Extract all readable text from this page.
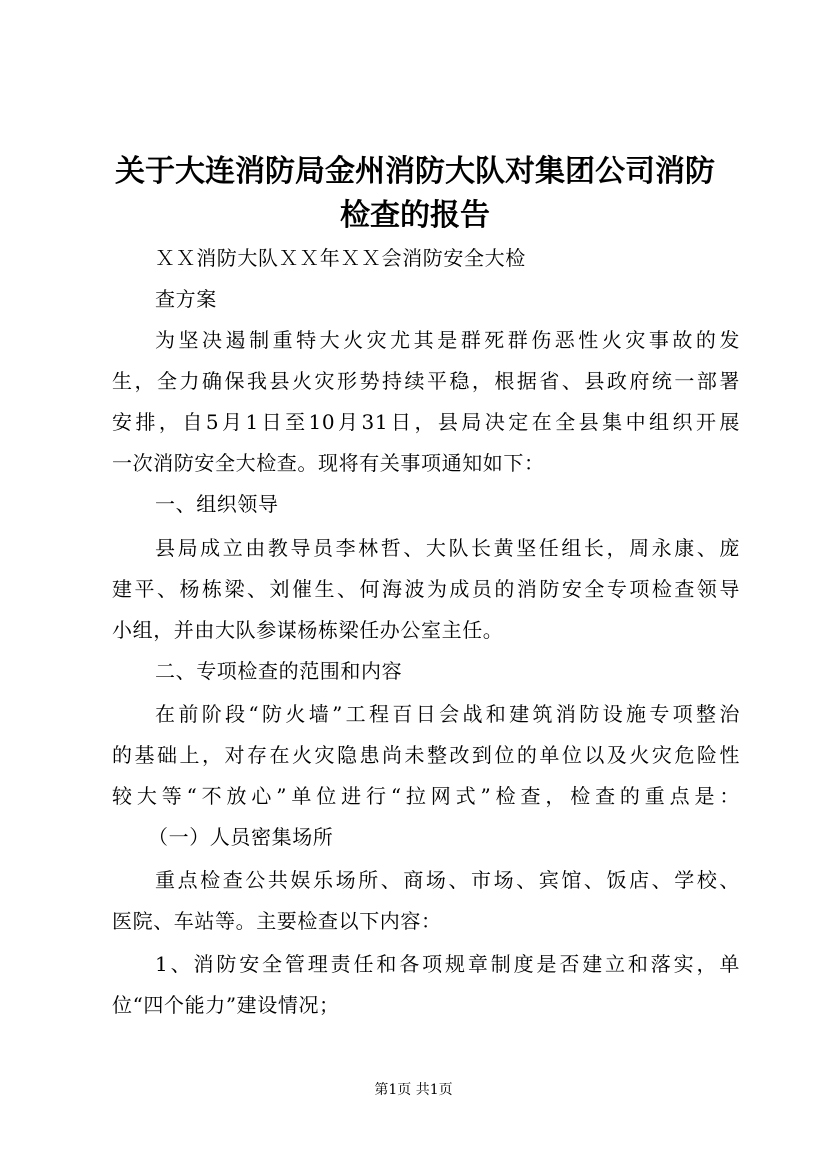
关于大连消防局金州消防大队对集团公司消防
检查的报告
ＸＸ消防大队ＸＸ年ＸＸ会消防安全大检
查方案
为坚决遏制重特大火灾尤其是群死群伤恶性火灾事故的发
生，全力确保我县火灾形势持续平稳，根据省、县政府统一部署
安排，自5月1日至10月31日，县局决定在全县集中组织开展
一次消防安全大检查。现将有关事项通知如下：
一、组织领导
县局成立由教导员李林哲、大队长黄坚任组长，周永康、庞
建平、杨栋梁、刘催生、何海波为成员的消防安全专项检查领导
小组，并由大队参谋杨栋梁任办公室主任。
二、专项检查的范围和内容
在前阶段“防火墙”工程百日会战和建筑消防设施专项整治
的基础上，对存在火灾隐患尚未整改到位的单位以及火灾危险性
较大等“不放心”单位进行“拉网式”检查，检查的重点是：
（一）人员密集场所
重点检查公共娱乐场所、商场、市场、宾馆、饭店、学校、
医院、车站等。主要检查以下内容：
1、消防安全管理责任和各项规章制度是否建立和落实，单
位“四个能力”建设情况；
第1页 共1页
